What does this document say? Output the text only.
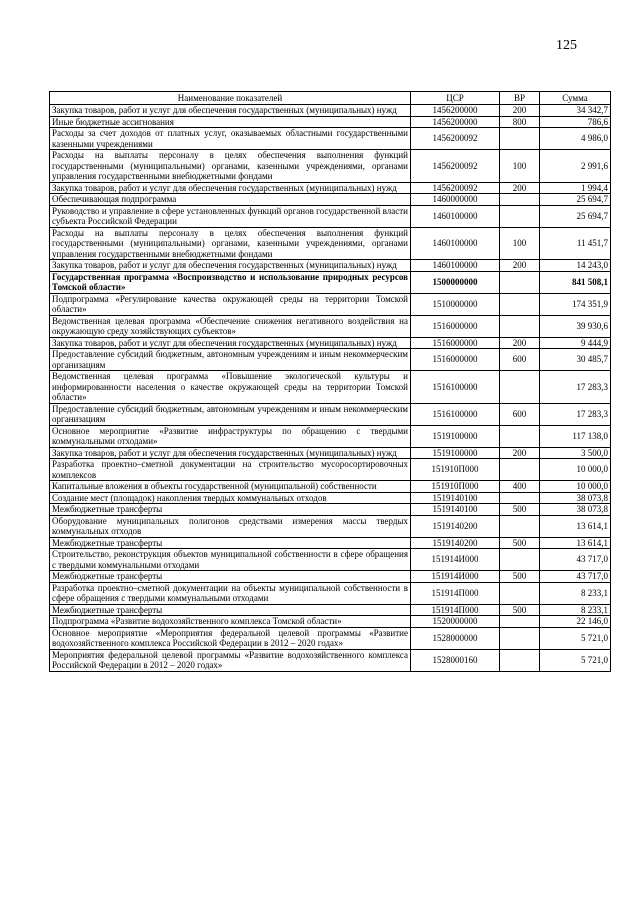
125
Наименование показателей	ЦСР	ВР	Сумма
Закупка товаров, работ и услуг для обеспечения государственных (муниципальных) нужд	1456200000	200	34 342,7
Иные бюджетные ассигнования	1456200000	800	786,6
Расходы за счет доходов от платных услуг, оказываемых областными государственными казенными учреждениями	1456200092		4 986,0
Расходы на выплаты персоналу в целях обеспечения выполнения функций государственными (муниципальными) органами, казенными учреждениями, органами управления государственными внебюджетными фондами	1456200092	100	2 991,6
Закупка товаров, работ и услуг для обеспечения государственных (муниципальных) нужд	1456200092	200	1 994,4
Обеспечивающая подпрограмма	1460000000		25 694,7
Руководство и управление в сфере установленных функций органов государственной власти субъекта Российской Федерации	1460100000		25 694,7
Расходы на выплаты персоналу в целях обеспечения выполнения функций государственными (муниципальными) органами, казенными учреждениями, органами управления государственными внебюджетными фондами	1460100000	100	11 451,7
Закупка товаров, работ и услуг для обеспечения государственных (муниципальных) нужд	1460100000	200	14 243,0
Государственная программа «Воспроизводство и использование природных ресурсов Томской области»	1500000000		841 508,1
Подпрограмма «Регулирование качества окружающей среды на территории Томской области»	1510000000		174 351,9
Ведомственная целевая программа «Обеспечение снижения негативного воздействия на окружающую среду хозяйствующих субъектов»	1516000000		39 930,6
Закупка товаров, работ и услуг для обеспечения государственных (муниципальных) нужд	1516000000	200	9 444,9
Предоставление субсидий бюджетным, автономным учреждениям и иным некоммерческим организациям	1516000000	600	30 485,7
Ведомственная целевая программа «Повышение экологической культуры и информированности населения о качестве окружающей среды на территории Томской области»	1516100000		17 283,3
Предоставление субсидий бюджетным, автономным учреждениям и иным некоммерческим организациям	1516100000	600	17 283,3
Основное мероприятие «Развитие инфраструктуры по обращению с твердыми коммунальными отходами»	1519100000		117 138,0
Закупка товаров, работ и услуг для обеспечения государственных (муниципальных) нужд	1519100000	200	3 500,0
Разработка проектно–сметной документации на строительство мусоросортировочных комплексов	151910П000		10 000,0
Капитальные вложения в объекты государственной (муниципальной) собственности	151910П000	400	10 000,0
Создание мест (площадок) накопления твердых коммунальных отходов	1519140100		38 073,8
Межбюджетные трансферты	1519140100	500	38 073,8
Оборудование муниципальных полигонов средствами измерения массы твердых коммунальных отходов	1519140200		13 614,1
Межбюджетные трансферты	1519140200	500	13 614,1
Строительство, реконструкция объектов муниципальной собственности в сфере обращения с твердыми коммунальными отходами	151914И000		43 717,0
Межбюджетные трансферты	151914И000	500	43 717,0
Разработка проектно–сметной документации на объекты муниципальной собственности в сфере обращения с твердыми коммунальными отходами	151914П000		8 233,1
Межбюджетные трансферты	151914П000	500	8 233,1
Подпрограмма «Развитие водохозяйственного комплекса Томской области»	1520000000		22 146,0
Основное мероприятие «Мероприятия федеральной целевой программы «Развитие водохозяйственного комплекса Российской Федерации в 2012 – 2020 годах»	1528000000		5 721,0
Мероприятия федеральной целевой программы «Развитие водохозяйственного комплекса Российской Федерации в 2012 – 2020 годах»	1528000160		5 721,0
